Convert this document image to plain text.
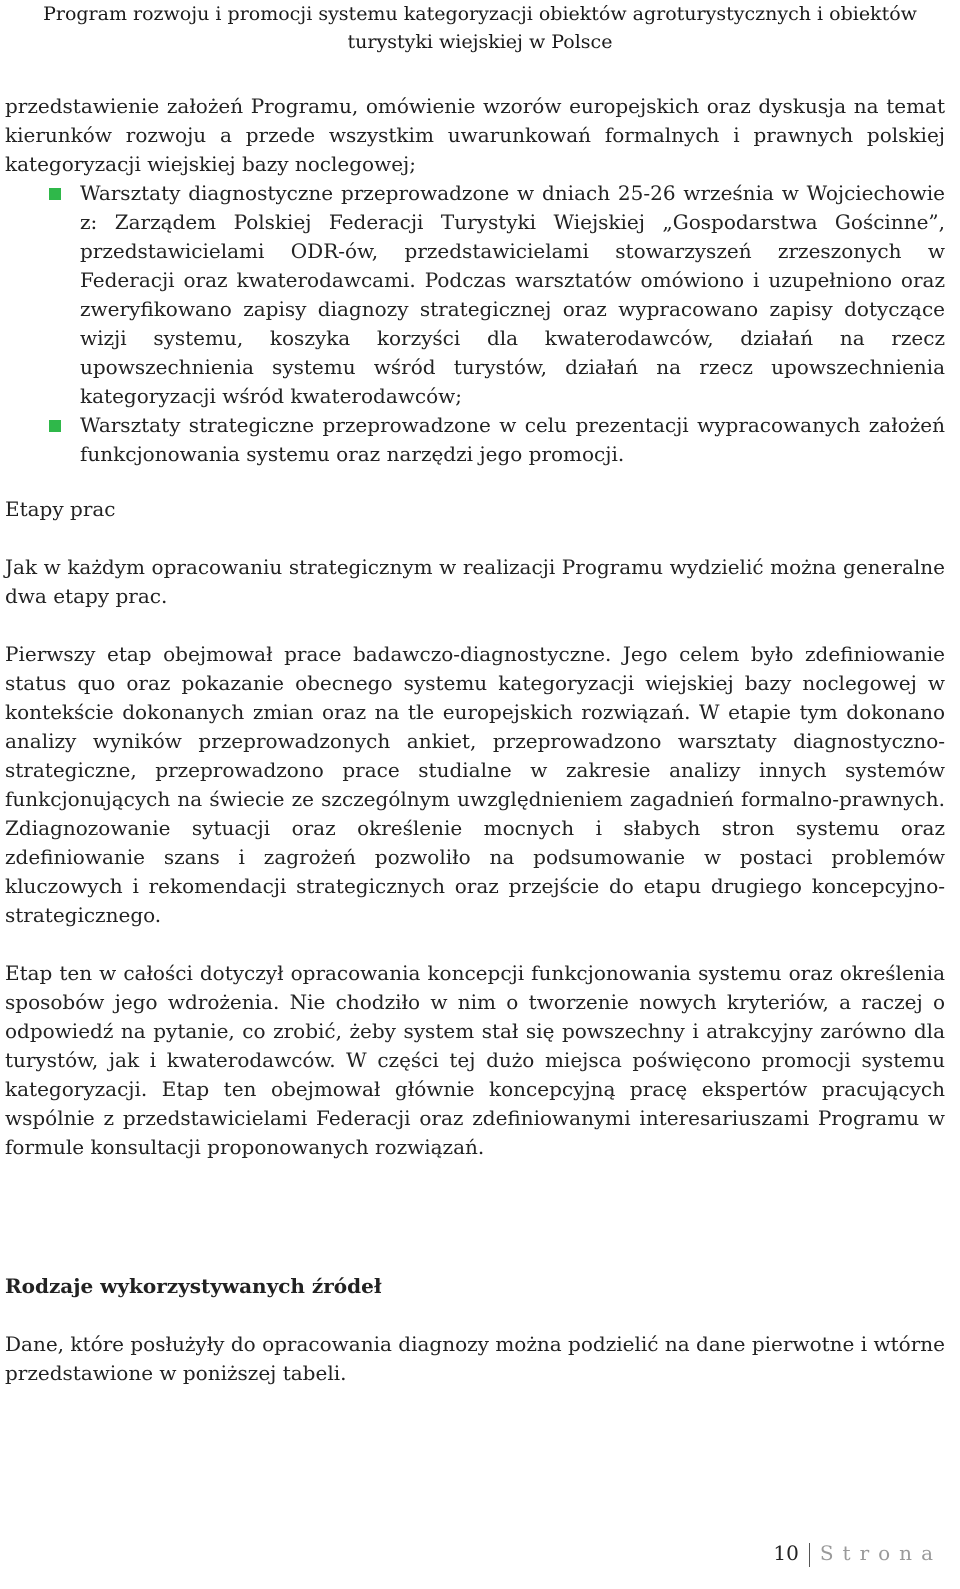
Program rozwoju i promocji systemu kategoryzacji obiektów agroturystycznych i obiektów
turystyki wiejskiej w Polsce

przedstawienie założeń Programu, omówienie wzorów europejskich oraz dyskusja na temat kierunków rozwoju a przede wszystkim uwarunkowań formalnych i prawnych polskiej kategoryzacji wiejskiej bazy noclegowej;

Warsztaty diagnostyczne przeprowadzone w dniach 25-26 września w Wojciechowie z: Zarządem Polskiej Federacji Turystyki Wiejskiej „Gospodarstwa Gościnne”, przedstawicielami ODR-ów, przedstawicielami stowarzyszeń zrzeszonych w Federacji oraz kwaterodawcami. Podczas warsztatów omówiono i uzupełniono oraz zweryfikowano zapisy diagnozy strategicznej oraz wypracowano zapisy dotyczące wizji systemu, koszyka korzyści dla kwaterodawców, działań na rzecz upowszechnienia systemu wśród turystów, działań na rzecz upowszechnienia kategoryzacji wśród kwaterodawców;
Warsztaty strategiczne przeprowadzone w celu prezentacji wypracowanych założeń funkcjonowania systemu oraz narzędzi jego promocji.
Etapy prac

Jak w każdym opracowaniu strategicznym w realizacji Programu wydzielić można generalne dwa etapy prac.

Pierwszy etap obejmował prace badawczo-diagnostyczne. Jego celem było zdefiniowanie status quo oraz pokazanie obecnego systemu kategoryzacji wiejskiej bazy noclegowej w kontekście dokonanych zmian oraz na tle europejskich rozwiązań. W etapie tym dokonano analizy wyników przeprowadzonych ankiet, przeprowadzono warsztaty diagnostyczno-strategiczne, przeprowadzono prace studialne w zakresie analizy innych systemów funkcjonujących na świecie ze szczególnym uwzględnieniem zagadnień formalno-prawnych. Zdiagnozowanie sytuacji oraz określenie mocnych i słabych stron systemu oraz zdefiniowanie szans i zagrożeń pozwoliło na podsumowanie w postaci problemów kluczowych i rekomendacji strategicznych oraz przejście do etapu drugiego koncepcyjno-strategicznego.

Etap ten w całości dotyczył opracowania koncepcji funkcjonowania systemu oraz określenia sposobów jego wdrożenia. Nie chodziło w nim o tworzenie nowych kryteriów, a raczej o odpowiedź na pytanie, co zrobić, żeby system stał się powszechny i atrakcyjny zarówno dla turystów, jak i kwaterodawców. W części tej dużo miejsca poświęcono promocji systemu kategoryzacji. Etap ten obejmował głównie koncepcyjną pracę ekspertów pracujących wspólnie z przedstawicielami Federacji oraz zdefiniowanymi interesariuszami Programu w formule konsultacji proponowanych rozwiązań.

Rodzaje wykorzystywanych źródeł

Dane, które posłużyły do opracowania diagnozy można podzielić na dane pierwotne i wtórne przedstawione w poniższej tabeli.

10 Strona
